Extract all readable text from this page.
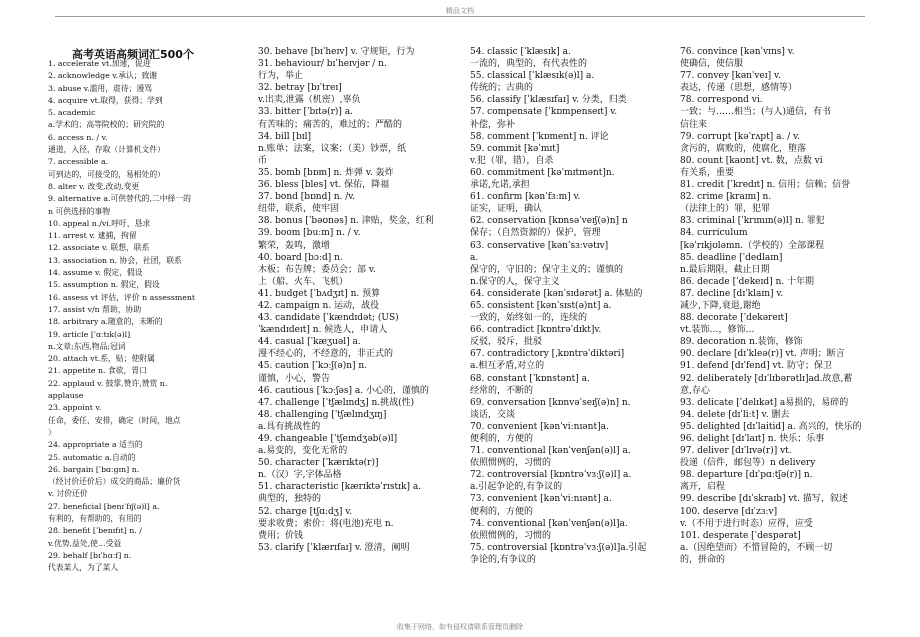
精品文档
高考英语高频词汇500个

1. accelerate vt.加速，促进

2. acknowledge v.承认；致谢

3. abuse v.滥用，虐待；谩骂

4. acquire vt.取得，获得；学到

5. academic

a.学术的；高等院校的；研究院的

6. access n. / v.

通道，入径，存取（计算机文件）

7. accessible a.

可到达的，可接受的，易相处的）

8. alter v. 改变,改动,变更

9. alternative a.可供替代的,二中择一的

n 可供选择的事物

10. appeal n./vi.呼吁，恳求

11. arrest v. 逮捕，拘留

12. associate v. 联想，联系

13. association n. 协会，社团，联系

14. assume v. 假定，假设

15. assumption n. 假定，假设

16. assess vt 评估，评价 n assessment

17. assist v/n 帮助，协助

18. arbitrary a.随意的，未断的

19. article [ˈɑːtɪk(ə)l]

n.文章;东西,物品;冠词

20. attach vt.系，贴；使附属

21. appetite n. 食欲，胃口

22. applaud v. 鼓掌,赞许,赞赏 n.

applause

23. appoint v.

任命，委任，安排，确定（时间，地点

）

24. appropriate a 适当的

25. automatic a.自动的

26. bargain [ˈbɑːgɪn] n.

（经讨价还价后）成交的商品；廉价货

v. 讨价还价

27. beneficial [benɪˈfɪʃ(ə)l] a.

有利的，有帮助的，有用的

28. benefit [ˈbenɪfɪt] n. /

v.优势,益处,使…受益

29. behalf [bɪˈhɑːf] n.

代表某人，为了某人

30. behave [bɪˈheɪv] v. 守规矩，行为

31. behaviour/ bɪˈheɪvjər / n.

行为，举止

32. betray [bɪˈtreɪ]

v.出卖,泄露（机密）,辜负

33. bitter [ˈbɪtə(r)] a.

有苦味的；痛苦的，难过的；严酷的

34. bill [bɪl]

n.账单；法案，议案；（美）钞票，纸

币

35. bomb [bɒm] n. 炸弹 v. 轰炸

36. bless [bles] vt. 保佑，降福

37. bond [bɒnd] n. /v.

纽带，联系，使牢固

38. bonus [ˈbəʊnəs] n. 津贴，奖金，红利

39. boom [buːm] n. / v.

繁荣，轰鸣，激增

40. board [bɔːd] n.

木板；布告牌；委员会；部 v.

上（船、火车、飞机）

41. budget [ˈbʌdʒɪt] n. 预算

42. campaign n. 运动，战役

43. candidate [ˈkændɪdət; (US)

ˈkændɪdeɪt] n. 候选人，申请人

44. casual [ˈkæʒuəl] a.

漫不经心的，不经意的，非正式的

45. caution [ˈkɔːʃ(ə)n] n.

谨慎，小心，警告

46. cautious [ˈkɔːʃəs] a. 小心的，谨慎的

47. challenge [ˈtʃælɪndʒ] n.挑战(性)

48. challenging [ˈtʃælɪndʒɪŋ]

a.具有挑战性的

49. changeable [ˈtʃeɪndʒəb(ə)l]

a.易变的，变化无常的

50. character [ˈkærɪktə(r)]

n.（汉）字,字体品格

51. characteristic [kærɪktəˈrɪstɪk] a.

典型的，独特的

52. charge [tʃɑːdʒ] v.

要求收费；索价：将(电池)充电 n.

费用；价钱

53. clarify [ˈklærɪfaɪ] v. 澄清，阐明

54. classic [ˈklæsɪk] a.

一流的，典型的，有代表性的

55. classical [ˈklæsɪk(ə)l] a.

传统的；古典的

56. classify [ˈklæsɪfaɪ] v. 分类，归类

57. compensate [ˈkɒmpenseɪt] v.

补偿，弥补

58. comment [ˈkɒment] n. 评论

59. commit [kəˈmɪt]

v.犯（罪，错），自杀

60. commitment [kəˈmɪtmənt]n.

承诺,允诺,承担

61. confirm [kənˈfɜːm] v.

证实，证明，确认

62. conservation [kɒnsəˈveɪʃ(ə)n] n

保存；（自然资源的）保护，管理

63. conservative [kənˈsɜːvətɪv]

a.

保守的，守旧的；保守主义的；谨慎的

n.保守的人，保守主义

64. considerate [kənˈsɪdərət] a. 体贴的

65. consistent [kənˈsɪst(ə)nt] a.

一致的，始终如一的，连续的

66. contradict [kɒntrəˈdɪkt]v.

反驳，驳斥，批驳

67. contradictory [ˌkɒntrəˈdiktəri]

a.相互矛盾,对立的

68. constant [ˈkɒnstənt] a.

经常的，不断的

69. conversation [kɒnvəˈseɪʃ(ə)n] n.

谈话，交谈

70. convenient [kənˈviːnɪənt]a.

便利的，方便的

71. conventional [kənˈvenʃən(ə)l] a.

依照惯例的，习惯的

72. controversial [kɒntrəˈvɜːʃ(ə)l] a.

a.引起争论的,有争议的

73. convenient [kənˈviːnɪənt] a.

便利的，方便的

74. conventional [kənˈvenʃən(ə)l]a.

依照惯例的，习惯的

75. controversial [kɒntrəˈvɜːʃ(ə)l]a.引起

争论的,有争议的

76. convince [kənˈvɪns] v.

使确信，使信服

77. convey [kənˈveɪ] v.

表达，传递（思想，感情等）

78. correspond vi.

一致；与……相当；(与人)通信，有书

信往来

79. corrupt [kəˈrʌpt] a. / v.

贪污的，腐败的，使腐化，堕落

80. count [kaʊnt] vt. 数，点数 vi

有关系，重要

81. credit [ˈkredɪt] n. 信用；信赖；信誉

82. crime [kraɪm] n.

（法律上的）罪，犯罪

83. criminal [ˈkrɪmɪn(ə)l] n. 罪犯

84. curriculum

[kəˈrɪkjʊləmn.（学校的）全部课程

85. deadline [ˈdedlaɪn]

n.最后期限，截止日期

86. decade [ˈdekeɪd] n. 十年期

87. decline [dɪˈklaɪn] v.

减少,下降,衰退,谢绝

88. decorate [ˈdekəreɪt]

vt.装饰…，修饰…

89. decoration n.装饰，修饰

90. declare [dɪˈkleə(r)] vt. 声明；断言

91. defend [dɪˈfend] vt. 防守；保卫

92. deliberately [dɪˈlɪbərətlɪ]ad.故意,蓄

意,存心

93. delicate [ˈdelɪkət] a易损的，易碎的

94. delete [dɪˈliːt] v. 删去

95. delighted [dɪˈlaitid] a. 高兴的，快乐的

96. delight [dɪˈlaɪt] n. 快乐；乐事

97. deliver [dɪˈlɪvə(r)] vt.

投递（信件，邮包等）n delivery

98. departure [dɪˈpɑːtʃə(r)] n.

离开，启程

99. describe [dɪˈskraɪb] vt. 描写，叙述

100. deserve [dɪˈzɜːv]

v.（不用于进行时态）应得，应受

101. desperate [ˈdespərət]

a.（因绝望而）不惜冒险的，不顾一切

的，拼命的

收集于网络，如有侵权请联系管理员删除
